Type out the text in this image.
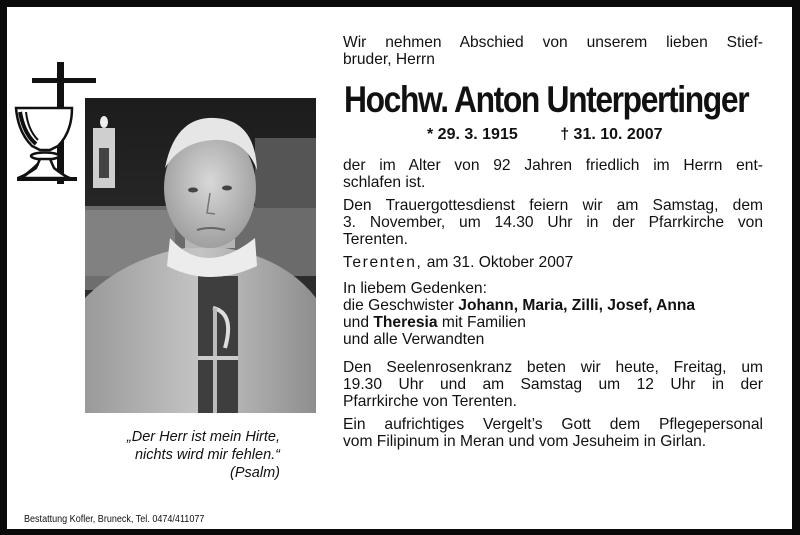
„Der Herr ist mein Hirte,
nichts wird mir fehlen.“
(Psalm)
Bestattung Kofler, Bruneck, Tel. 0474/411077
Wir nehmen Abschied von unserem lieben Stief-
bruder, Herrn
Hochw. Anton Unterpertinger
* 29. 3. 1915	† 31. 10. 2007
der im Alter von 92 Jahren friedlich im Herrn ent-
schlafen ist.
Den Trauergottesdienst feiern wir am Samstag, dem
3. November, um 14.30 Uhr in der Pfarrkirche von
Terenten.
Terenten, am 31. Oktober 2007
In liebem Gedenken:
die Geschwister Johann, Maria, Zilli, Josef, Anna
und Theresia mit Familien
und alle Verwandten
Den Seelenrosenkranz beten wir heute, Freitag, um
19.30 Uhr und am Samstag um 12 Uhr in der
Pfarrkirche von Terenten.
Ein aufrichtiges Vergelt’s Gott dem Pflegepersonal
vom Filipinum in Meran und vom Jesuheim in Girlan.
